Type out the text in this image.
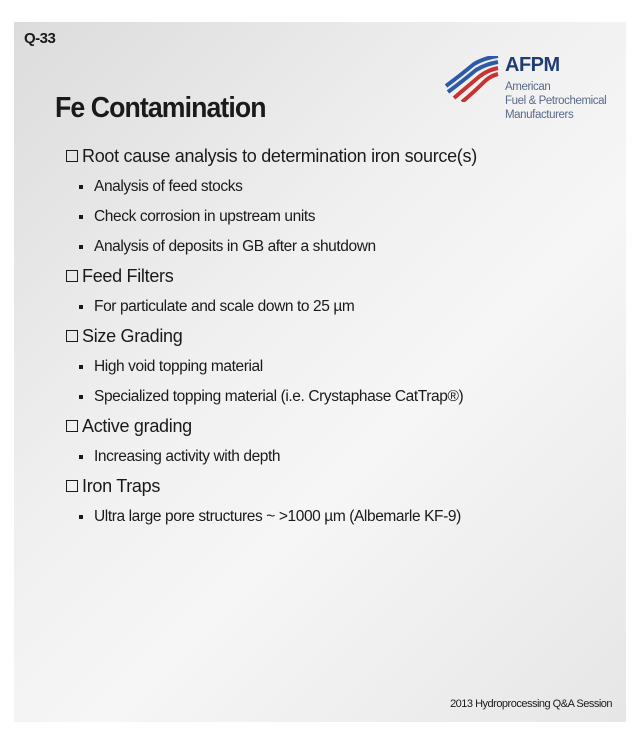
Q-33
AFPM
American
Fuel & Petrochemical
Manufacturers
Fe Contamination
Root cause analysis to determination iron source(s)
Analysis of feed stocks
Check corrosion in upstream units
Analysis of deposits in GB after a shutdown
Feed Filters
For particulate and scale down to 25 µm
Size Grading
High void topping material
Specialized topping material (i.e. Crystaphase CatTrap®)
Active grading
Increasing activity with depth
Iron Traps
Ultra large pore structures ~ >1000 µm (Albemarle KF-9)
2013 Hydroprocessing Q&A Session
